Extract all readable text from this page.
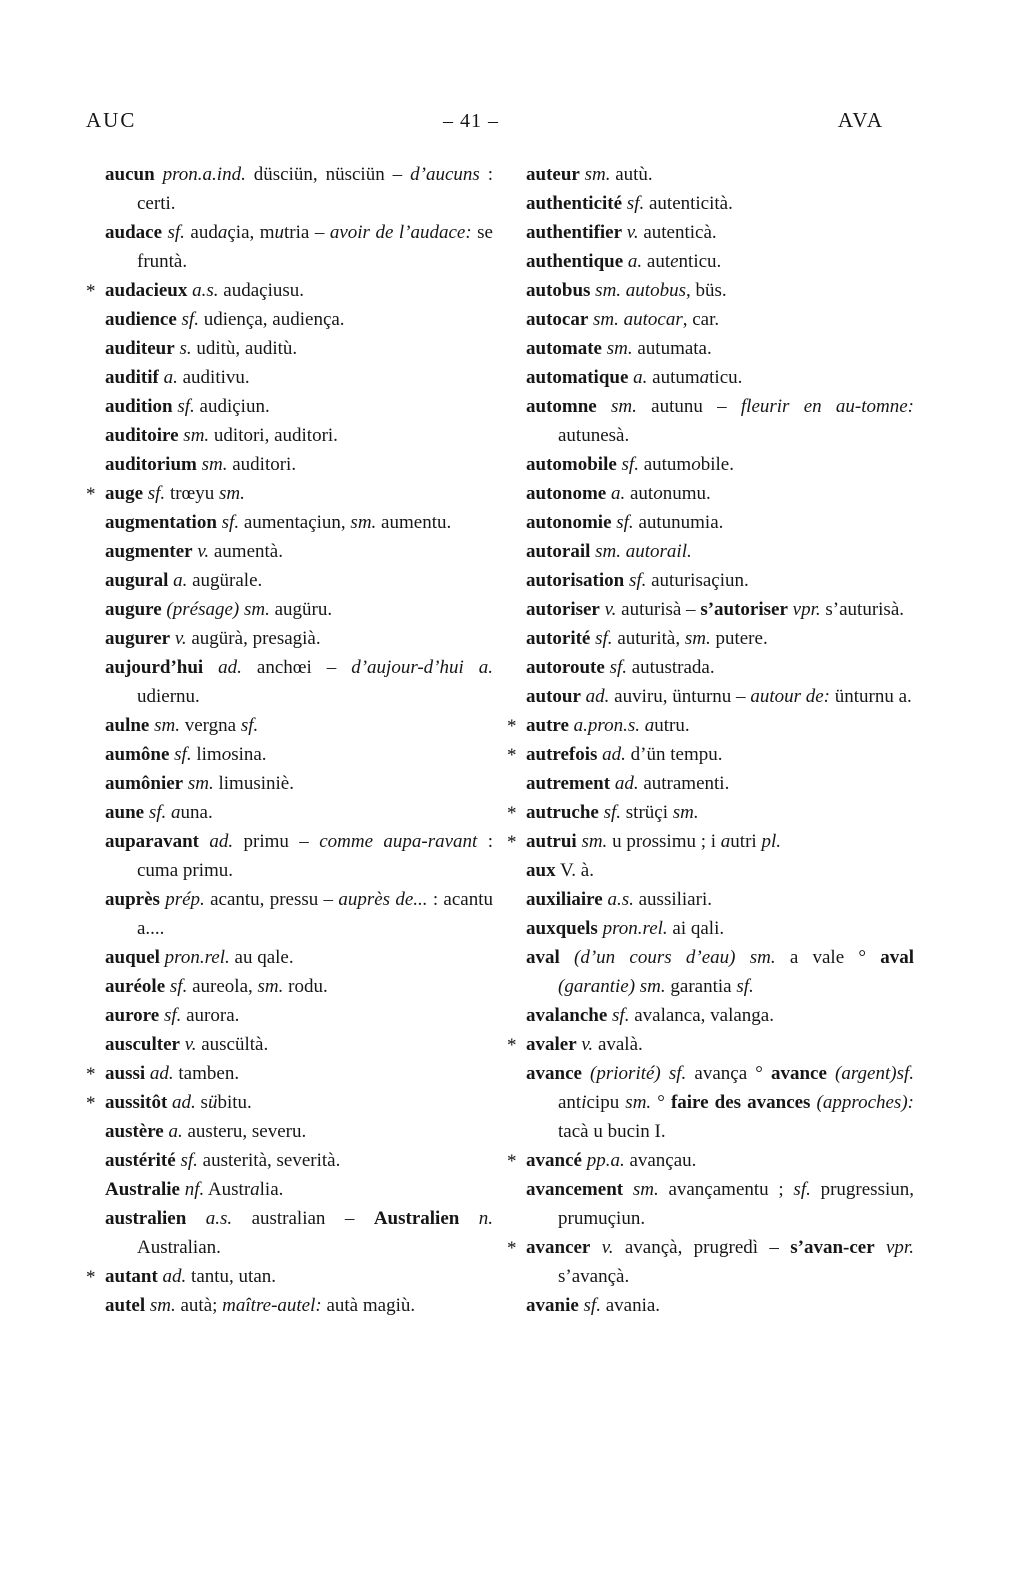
AUC	– 41 –	AVA
aucun pron.a.ind. düsciün, nüsciün – d’aucuns : certi.
audace sf. audaçia, mutria – avoir de l’audace: se fruntà.
* audacieux a.s. audaçiusu.
audience sf. udiença, audiença.
auditeur s. uditù, auditù.
auditif a. auditivu.
audition sf. audiçiun.
auditoire sm. uditori, auditori.
auditorium sm. auditori.
* auge sf. trœyu sm.
augmentation sf. aumentaçiun, sm. aumentu.
augmenter v. aumentà.
augural a. augürale.
augure (présage) sm. augüru.
augurer v. augürà, presagià.
aujourd’hui ad. anchœi – d’aujour-d’hui a. udiernu.
aulne sm. vergna sf.
aumône sf. limosina.
aumônier sm. limusiniè.
aune sf. auna.
auparavant ad. primu – comme aupa-ravant : cuma primu.
auprès prép. acantu, pressu – auprès de... : acantu a....
auquel pron.rel. au qale.
auréole sf. aureola, sm. rodu.
aurore sf. aurora.
ausculter v. auscültà.
* aussi ad. tamben.
* aussitôt ad. sübitu.
austère a. austeru, severu.
austérité sf. austerità, severità.
Australie nf. Australia.
australien a.s. australian – Australien n. Australian.
* autant ad. tantu, utan.
autel sm. autà; maître-autel: autà magiù.
auteur sm. autù.
authenticité sf. autenticità.
authentifier v. autenticà.
authentique a. autenticu.
autobus sm. autobus, büs.
autocar sm. autocar, car.
automate sm. autumata.
automatique a. autumaticu.
automne sm. autunu – fleurir en au-tomne: autunesà.
automobile sf. autumobile.
autonome a. autonumu.
autonomie sf. autunumia.
autorail sm. autorail.
autorisation sf. auturisaçiun.
autoriser v. auturisà – s’autoriser vpr. s’auturisà.
autorité sf. auturità, sm. putere.
autoroute sf. autustrada.
autour ad. auviru, ünturnu – autour de: ünturnu a.
* autre a.pron.s. autru.
* autrefois ad. d’ün tempu.
autrement ad. autramenti.
* autruche sf. strüçi sm.
* autrui sm. u prossimu ; i autri pl.
aux V. à.
auxiliaire a.s. aussiliari.
auxquels pron.rel. ai qali.
aval (d’un cours d’eau) sm. a vale ° aval (garantie) sm. garantia sf.
avalanche sf. avalanca, valanga.
* avaler v. avalà.
avance (priorité) sf. avança ° avance (argent)sf. anticipu sm. ° faire des avances (approches): tacà u bucin I.
* avancé pp.a. avançau.
avancement sm. avançamentu ; sf. prugressiun, prumuçiun.
* avancer v. avançà, prugredì – s’avan-cer vpr. s’avançà.
avanie sf. avania.
